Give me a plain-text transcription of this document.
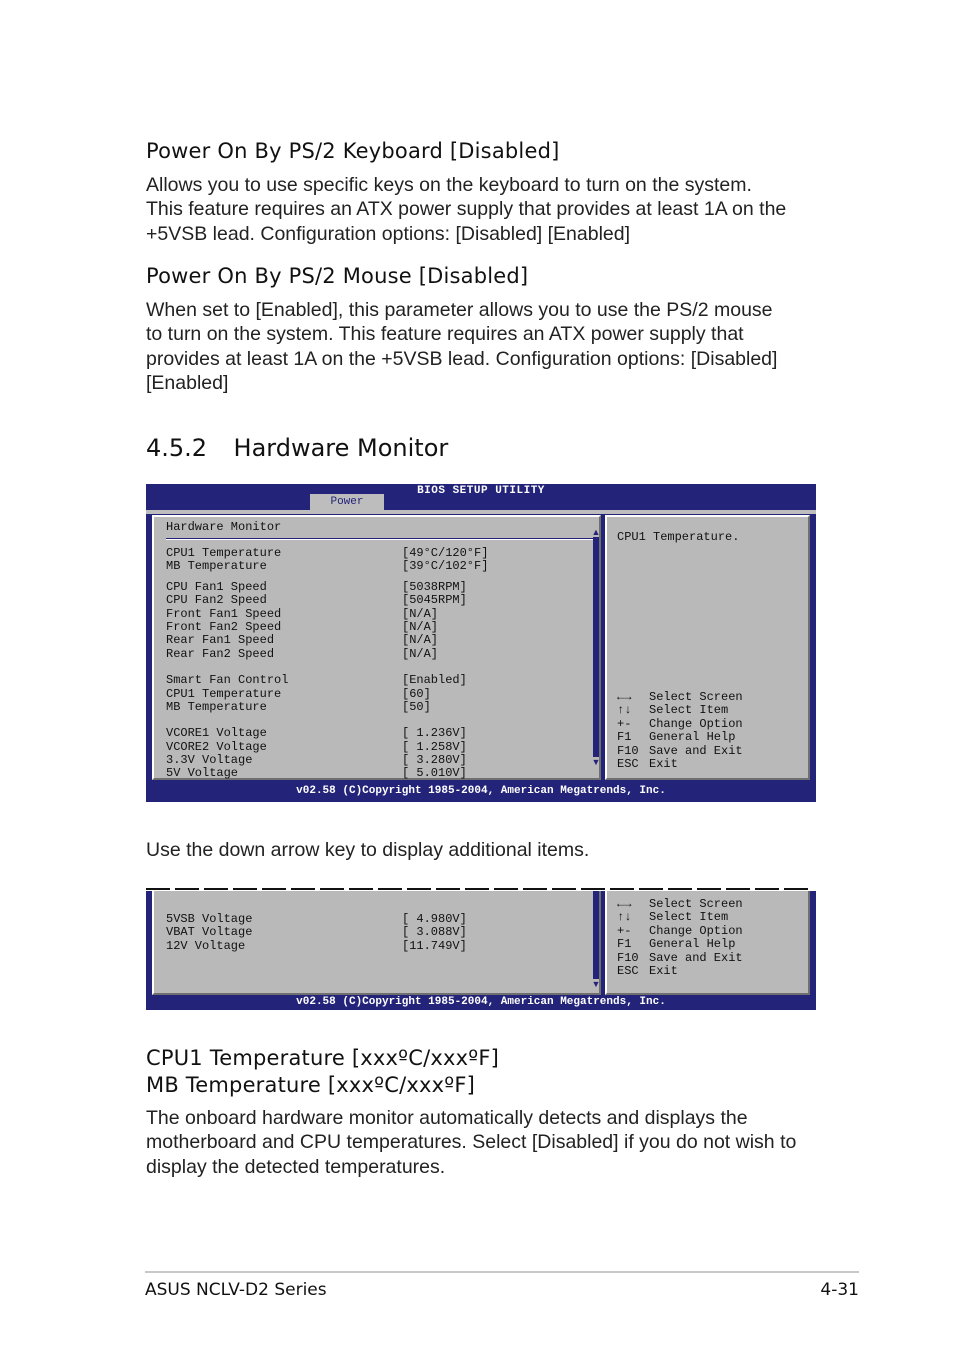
Power On By PS/2 Keyboard [Disabled]
Allows you to use specific keys on the keyboard to turn on the system.
This feature requires an ATX power supply that provides at least 1A on the
+5VSB lead. Configuration options: [Disabled] [Enabled]
Power On By PS/2 Mouse [Disabled]
When set to [Enabled], this parameter allows you to use the PS/2 mouse
to turn on the system. This feature requires an ATX power supply that
provides at least 1A on the +5VSB lead. Configuration options: [Disabled]
[Enabled]
4.5.2 Hardware Monitor
BIOS SETUP UTILITY
Power
Hardware Monitor
CPU1 Temperature	[49°C/120°F]
MB Temperature	[39°C/102°F]
CPU Fan1 Speed	[5038RPM]
CPU Fan2 Speed	[5045RPM]
Front Fan1 Speed	[N/A]
Front Fan2 Speed	[N/A]
Rear Fan1 Speed	[N/A]
Rear Fan2 Speed	[N/A]
Smart Fan Control	[Enabled]
CPU1 Temperature	[60]
MB Temperature	[50]
VCORE1 Voltage	[ 1.236V]
VCORE2 Voltage	[ 1.258V]
3.3V Voltage	[ 3.280V]
5V Voltage	[ 5.010V]
▲
▼
CPU1 Temperature.
←→ Select Screen
↑↓ Select Item
+- Change Option
F1 General Help
F10 Save and Exit
ESC Exit
v02.58 (C)Copyright 1985-2004, American Megatrends, Inc.
Use the down arrow key to display additional items.
5VSB Voltage	[ 4.980V]
VBAT Voltage	[ 3.088V]
12V Voltage	[11.749V]
▼
←→ Select Screen
↑↓ Select Item
+- Change Option
F1 General Help
F10 Save and Exit
ESC Exit
v02.58 (C)Copyright 1985-2004, American Megatrends, Inc.
CPU1 Temperature [xxxºC/xxxºF]
MB Temperature [xxxºC/xxxºF]
The onboard hardware monitor automatically detects and displays the
motherboard and CPU temperatures. Select [Disabled] if you do not wish to
display the detected temperatures.
ASUS NCLV-D2 Series	4-31
